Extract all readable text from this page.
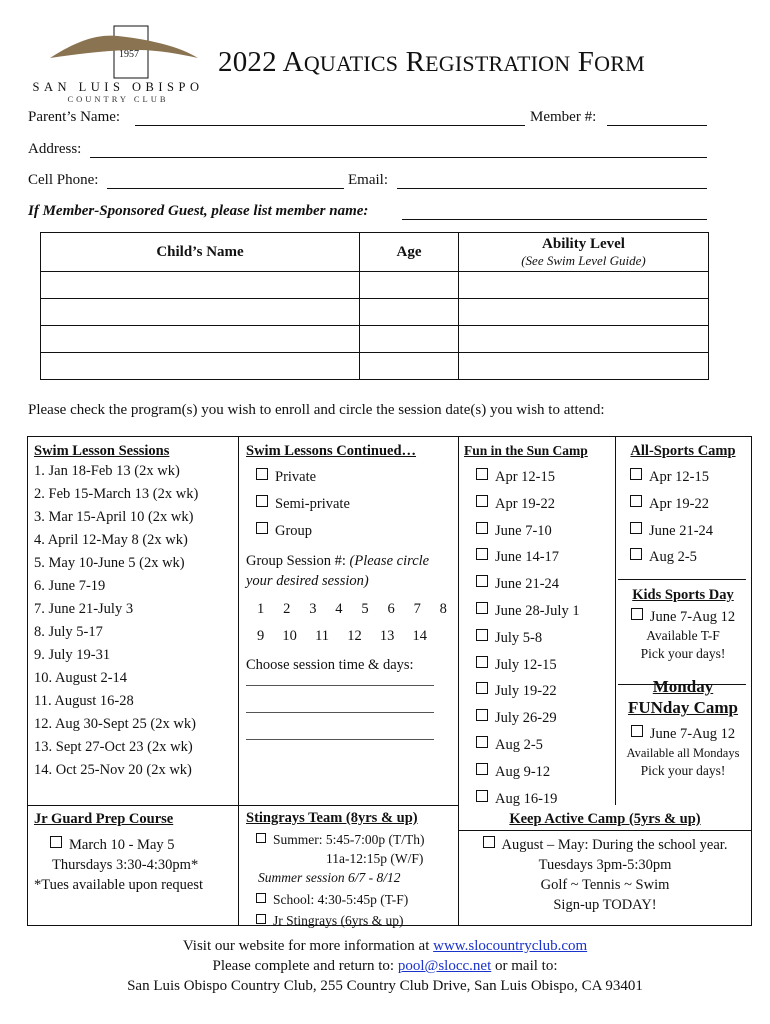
1957
SAN LUIS OBISPO
COUNTRY CLUB
2022 AQUATICS REGISTRATION FORM
Parent’s Name:	Member #:
Address:
Cell Phone:	Email:
If Member-Sponsored Guest, please list member name:
Child’s Name	Age	Ability Level
(See Swim Level Guide)

Please check the program(s) you wish to enroll and circle the session date(s) you wish to attend:
Swim Lesson Sessions
1. Jan 18-Feb 13 (2x wk)
2. Feb 15-March 13 (2x wk)
3. Mar 15-April 10 (2x wk)
4. April 12-May 8 (2x wk)
5. May 10-June 5 (2x wk)
6. June 7-19
7. June 21-July 3
8. July 5-17
9. July 19-31
10. August 2-14
11. August 16-28
12. Aug 30-Sept 25 (2x wk)
13. Sept 27-Oct 23 (2x wk)
14. Oct 25-Nov 20 (2x wk)
Swim Lessons Continued…
Private
Semi-private
Group
Group Session #: (Please circle your desired session)
1 2 3 4 5 6 7 8
9 10 11 12 13 14
Choose session time & days:
Fun in the Sun Camp
Apr 12-15
Apr 19-22
June 7-10
June 14-17
June 21-24
June 28-July 1
July 5-8
July 12-15
July 19-22
July 26-29
Aug 2-5
Aug 9-12
Aug 16-19
All-Sports Camp
Apr 12-15
Apr 19-22
June 21-24
Aug 2-5
Kids Sports Day
June 7-Aug 12
Available T-F
Pick your days!
Monday
FUNday Camp
June 7-Aug 12
Available all Mondays
Pick your days!
Jr Guard Prep Course
March 10 - May 5
Thursdays 3:30-4:30pm*
*Tues available upon request
Stingrays Team (8yrs & up)
Summer: 5:45-7:00p (T/Th)
11a-12:15p (W/F)
Summer session 6/7 - 8/12
School: 4:30-5:45p (T-F)
Jr Stingrays (6yrs & up)
Keep Active Camp (5yrs & up)
August – May: During the school year.
Tuesdays 3pm-5:30pm
Golf ~ Tennis ~ Swim
Sign-up TODAY!
Visit our website for more information at www.slocountryclub.com
Please complete and return to: pool@slocc.net or mail to:
San Luis Obispo Country Club, 255 Country Club Drive, San Luis Obispo, CA 93401
